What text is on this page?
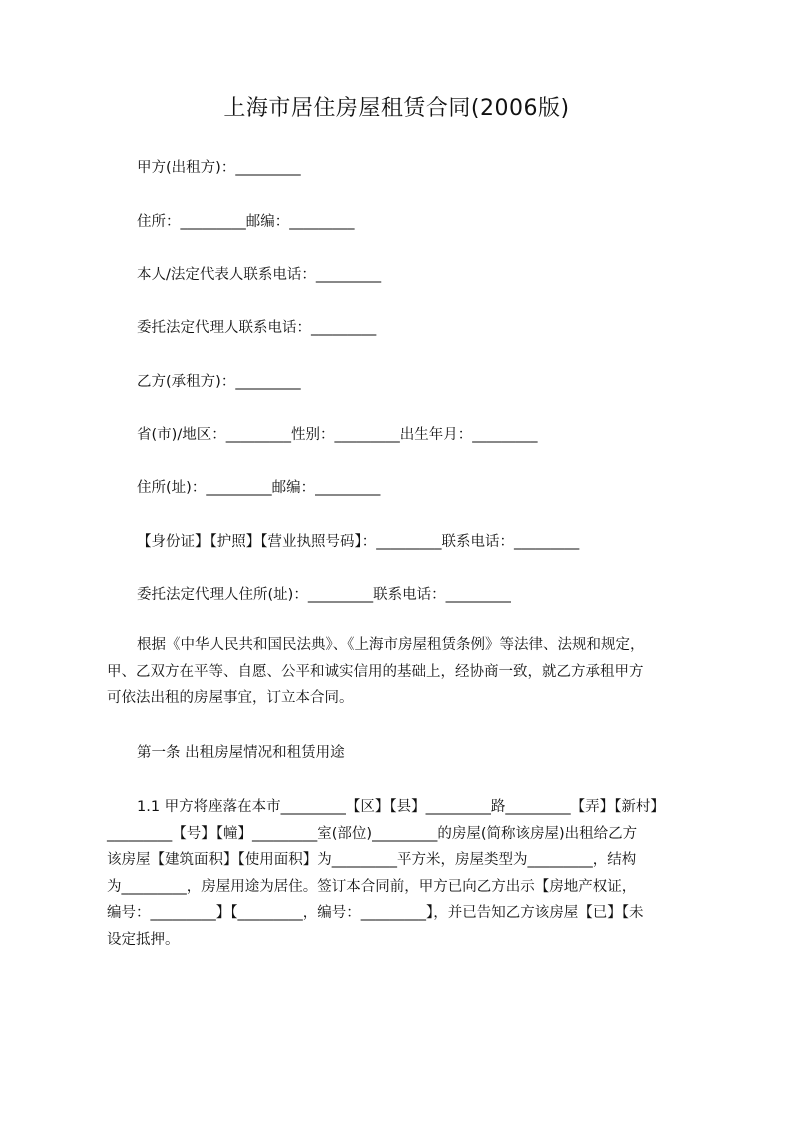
上海市居住房屋租赁合同(2006版)
甲方(出租方)：_________
住所：_________邮编：_________
本人/法定代表人联系电话：_________
委托法定代理人联系电话：_________
乙方(承租方)：_________
省(市)/地区：_________性别：_________出生年月：_________
住所(址)：_________邮编：_________
【身份证】【护照】【营业执照号码】：_________联系电话：_________
委托法定代理人住所(址)：_________联系电话：_________
根据《中华人民共和国民法典》、《上海市房屋租赁条例》等法律、法规和规定，
甲、乙双方在平等、自愿、公平和诚实信用的基础上，经协商一致，就乙方承租甲方
可依法出租的房屋事宜，订立本合同。
第一条 出租房屋情况和租赁用途
1.1 甲方将座落在本市_________【区】【县】_________路_________【弄】【新村】
_________【号】【幢】_________室(部位)_________的房屋(简称该房屋)出租给乙方
该房屋【建筑面积】【使用面积】为_________平方米，房屋类型为_________，结构
为_________，房屋用途为居住。签订本合同前，甲方已向乙方出示【房地产权证，
编号：_________】【_________，编号：_________】，并已告知乙方该房屋【已】【未
设定抵押。
